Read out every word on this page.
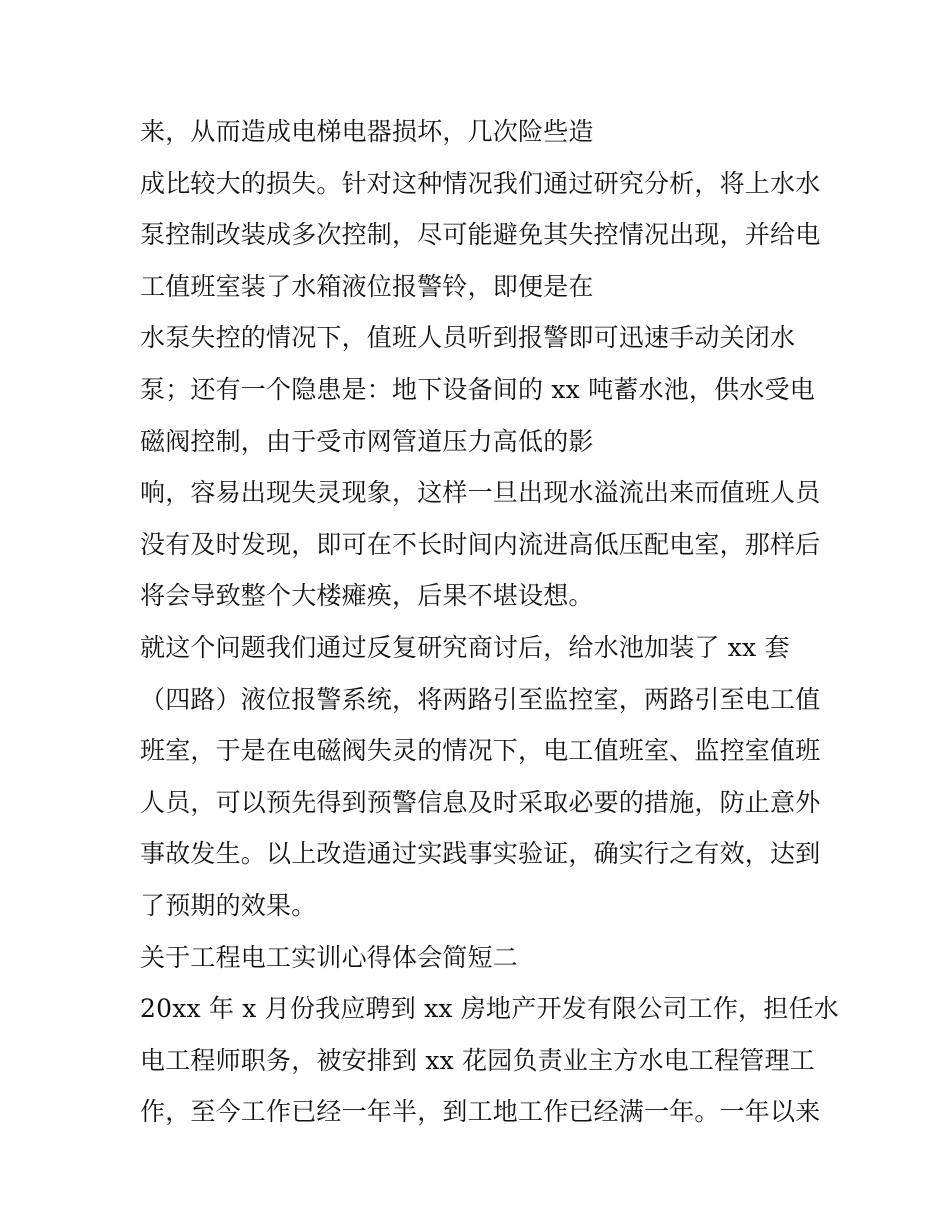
来，从而造成电梯电器损坏，几次险些造
成比较大的损失。针对这种情况我们通过研究分析，将上水水
泵控制改装成多次控制，尽可能避免其失控情况出现，并给电
工值班室装了水箱液位报警铃，即便是在
水泵失控的情况下，值班人员听到报警即可迅速手动关闭水
泵；还有一个隐患是：地下设备间的 xx 吨蓄水池，供水受电
磁阀控制，由于受市网管道压力高低的影
响，容易出现失灵现象，这样一旦出现水溢流出来而值班人员
没有及时发现，即可在不长时间内流进高低压配电室，那样后
将会导致整个大楼瘫痪，后果不堪设想。
就这个问题我们通过反复研究商讨后，给水池加装了 xx 套
（四路）液位报警系统，将两路引至监控室，两路引至电工值
班室，于是在电磁阀失灵的情况下，电工值班室、监控室值班
人员，可以预先得到预警信息及时采取必要的措施，防止意外
事故发生。以上改造通过实践事实验证，确实行之有效，达到
了预期的效果。
关于工程电工实训心得体会简短二
20xx 年 x 月份我应聘到 xx 房地产开发有限公司工作，担任水
电工程师职务，被安排到 xx 花园负责业主方水电工程管理工
作，至今工作已经一年半，到工地工作已经满一年。一年以来
